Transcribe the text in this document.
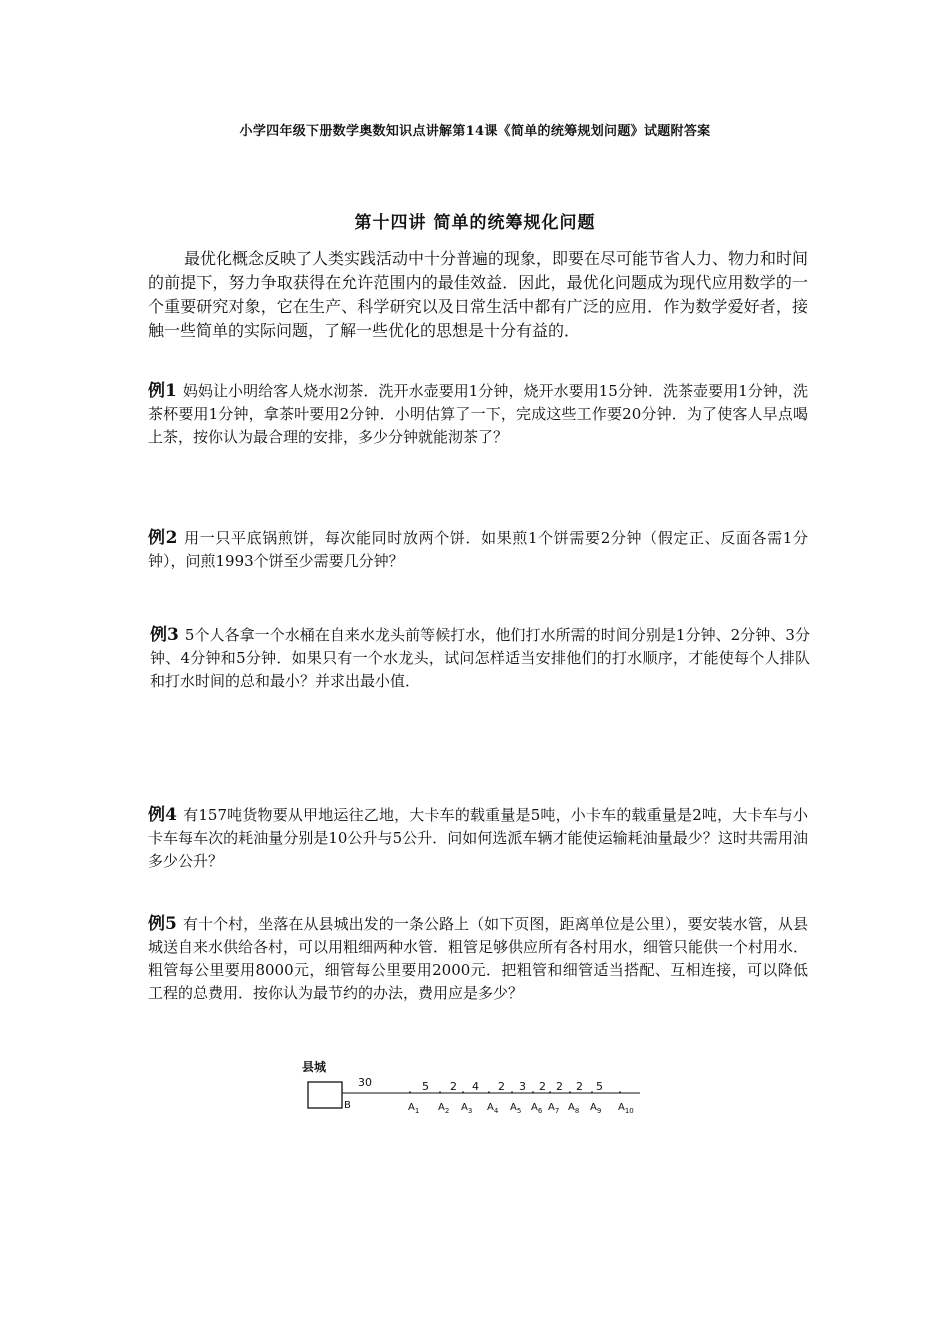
小学四年级下册数学奥数知识点讲解第14课《简单的统筹规划问题》试题附答案
第十四讲 简单的统筹规化问题
最优化概念反映了人类实践活动中十分普遍的现象，即要在尽可能节省人力、物力和时间的前提下，努力争取获得在允许范围内的最佳效益．因此，最优化问题成为现代应用数学的一个重要研究对象，它在生产、科学研究以及日常生活中都有广泛的应用．作为数学爱好者，接触一些简单的实际问题，了解一些优化的思想是十分有益的．
例1 妈妈让小明给客人烧水沏茶．洗开水壶要用1分钟，烧开水要用15分钟．洗茶壶要用1分钟，洗茶杯要用1分钟，拿茶叶要用2分钟．小明估算了一下，完成这些工作要20分钟．为了使客人早点喝上茶，按你认为最合理的安排，多少分钟就能沏茶了？
例2 用一只平底锅煎饼，每次能同时放两个饼．如果煎1个饼需要2分钟（假定正、反面各需1分钟），问煎1993个饼至少需要几分钟？
例3 5个人各拿一个水桶在自来水龙头前等候打水，他们打水所需的时间分别是1分钟、2分钟、3分钟、4分钟和5分钟．如果只有一个水龙头，试问怎样适当安排他们的打水顺序，才能使每个人排队和打水时间的总和最小？并求出最小值．
例4 有157吨货物要从甲地运往乙地，大卡车的载重量是5吨，小卡车的载重量是2吨，大卡车与小卡车每车次的耗油量分别是10公升与5公升．问如何选派车辆才能使运输耗油量最少？这时共需用油多少公升？
例5 有十个村，坐落在从县城出发的一条公路上（如下页图，距离单位是公里），要安装水管，从县城送自来水供给各村，可以用粗细两种水管．粗管足够供应所有各村用水，细管只能供一个村用水．粗管每公里要用8000元，细管每公里要用2000元．把粗管和细管适当搭配、互相连接，可以降低工程的总费用．按你认为最节约的办法，费用应是多少？
县城
B
30
$A_1$ $A_2$ $A_3$ $A_4$ $A_5$ $A_6$ $A_7$ $A_8$ $A_9$ $A_{10}$
5 2 4 2 3 2 2 2 5
